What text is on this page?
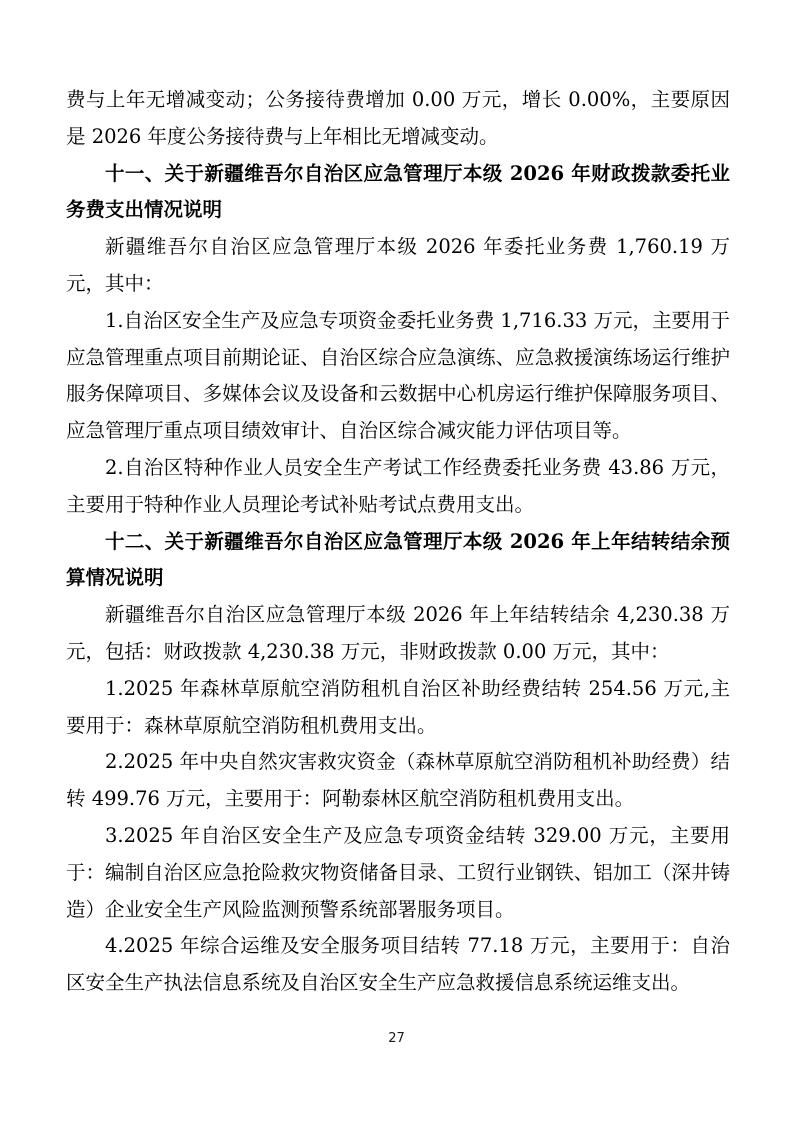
费与上年无增减变动；公务接待费增加 0.00 万元，增长 0.00%，主要原因是 2026 年度公务接待费与上年相比无增减变动。

十一、关于新疆维吾尔自治区应急管理厅本级 2026 年财政拨款委托业务费支出情况说明

新疆维吾尔自治区应急管理厅本级 2026 年委托业务费 1,760.19 万元，其中：

1.自治区安全生产及应急专项资金委托业务费 1,716.33 万元，主要用于应急管理重点项目前期论证、自治区综合应急演练、应急救援演练场运行维护服务保障项目、多媒体会议及设备和云数据中心机房运行维护保障服务项目、应急管理厅重点项目绩效审计、自治区综合减灾能力评估项目等。

2.自治区特种作业人员安全生产考试工作经费委托业务费 43.86 万元，主要用于特种作业人员理论考试补贴考试点费用支出。

十二、关于新疆维吾尔自治区应急管理厅本级 2026 年上年结转结余预算情况说明

新疆维吾尔自治区应急管理厅本级 2026 年上年结转结余 4,230.38 万元，包括：财政拨款 4,230.38 万元，非财政拨款 0.00 万元，其中：

1.2025 年森林草原航空消防租机自治区补助经费结转 254.56 万元,主要用于：森林草原航空消防租机费用支出。

2.2025 年中央自然灾害救灾资金（森林草原航空消防租机补助经费）结转 499.76 万元，主要用于：阿勒泰林区航空消防租机费用支出。

3.2025 年自治区安全生产及应急专项资金结转 329.00 万元，主要用于：编制自治区应急抢险救灾物资储备目录、工贸行业钢铁、铝加工（深井铸造）企业安全生产风险监测预警系统部署服务项目。

4.2025 年综合运维及安全服务项目结转 77.18 万元，主要用于：自治区安全生产执法信息系统及自治区安全生产应急救援信息系统运维支出。

27
